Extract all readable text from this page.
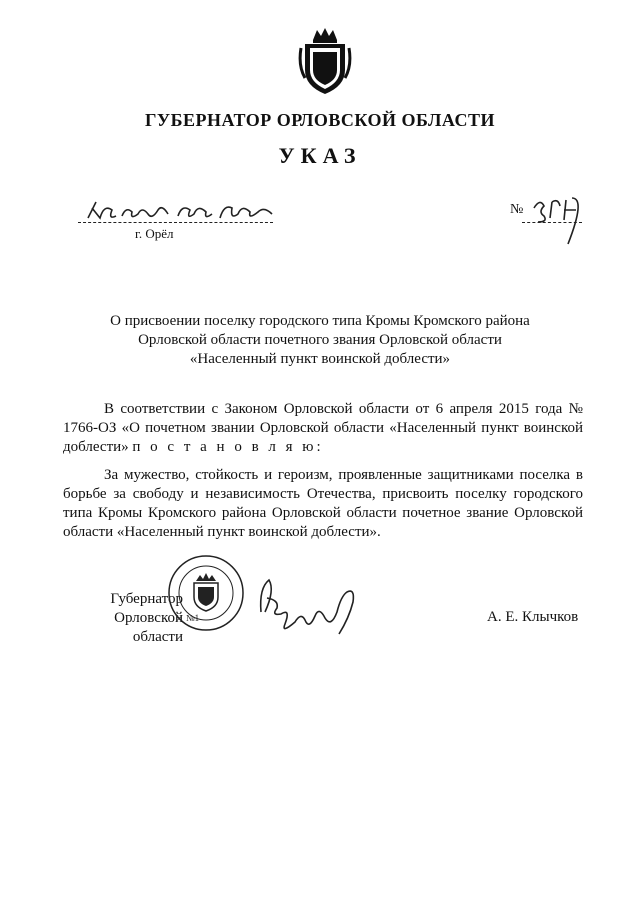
ГУБЕРНАТОР ОРЛОВСКОЙ ОБЛАСТИ
УКАЗ
г. Орёл
№
О присвоении поселку городского типа Кромы Кромского района
Орловской области почетного звания Орловской области
«Населенный пункт воинской доблести»
В соответствии с Законом Орловской области от 6 апреля 2015 года № 1766-ОЗ «О почетном звании Орловской области «Населенный пункт воинской доблести» п о с т а н о в л я ю:
За мужество, стойкость и героизм, проявленные защитниками поселка в борьбе за свободу и независимость Отечества, присвоить поселку городского типа Кромы Кромского района Орловской области почетное звание Орловской области «Населенный пункт воинской доблести».
Губернатор
Орловской области
№1	А. Е. Клычков
